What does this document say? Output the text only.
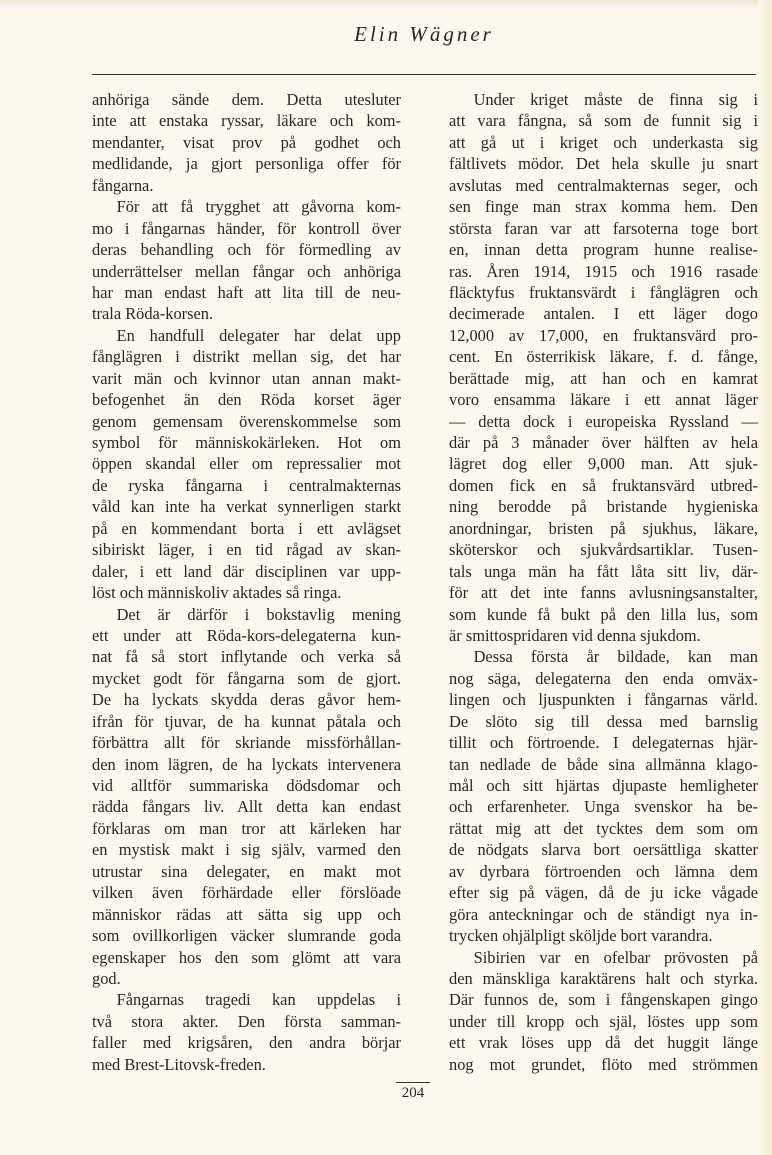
Elin Wägner
anhöriga sände dem. Detta utesluter
inte att enstaka ryssar, läkare och kom-
mendanter, visat prov på godhet och
medlidande, ja gjort personliga offer för
fångarna.
För att få trygghet att gåvorna kom-
mo i fångarnas händer, för kontroll över
deras behandling och för förmedling av
underrättelser mellan fångar och anhöriga
har man endast haft att lita till de neu-
trala Röda-korsen.
En handfull delegater har delat upp
fånglägren i distrikt mellan sig, det har
varit män och kvinnor utan annan makt-
befogenhet än den Röda korset äger
genom gemensam överenskommelse som
symbol för människokärleken. Hot om
öppen skandal eller om repressalier mot
de ryska fångarna i centralmakternas
våld kan inte ha verkat synnerligen starkt
på en kommendant borta i ett avlägset
sibiriskt läger, i en tid rågad av skan-
daler, i ett land där disciplinen var upp-
löst och människoliv aktades så ringa.
Det är därför i bokstavlig mening
ett under att Röda-kors-delegaterna kun-
nat få så stort inflytande och verka så
mycket godt för fångarna som de gjort.
De ha lyckats skydda deras gåvor hem-
ifrån för tjuvar, de ha kunnat påtala och
förbättra allt för skriande missförhållan-
den inom lägren, de ha lyckats intervenera
vid alltför summariska dödsdomar och
rädda fångars liv. Allt detta kan endast
förklaras om man tror att kärleken har
en mystisk makt i sig själv, varmed den
utrustar sina delegater, en makt mot
vilken även förhärdade eller förslöade
människor rädas att sätta sig upp och
som ovillkorligen väcker slumrande goda
egenskaper hos den som glömt att vara
god.
Fångarnas tragedi kan uppdelas i
två stora akter. Den första samman-
faller med krigsåren, den andra börjar
med Brest-Litovsk-freden.
Under kriget måste de finna sig i
att vara fångna, så som de funnit sig i
att gå ut i kriget och underkasta sig
fältlivets mödor. Det hela skulle ju snart
avslutas med centralmakternas seger, och
sen finge man strax komma hem. Den
största faran var att farsoterna toge bort
en, innan detta program hunne realise-
ras. Åren 1914, 1915 och 1916 rasade
fläcktyfus fruktansvärdt i fånglägren och
decimerade antalen. I ett läger dogo
12,000 av 17,000, en fruktansvärd pro-
cent. En österrikisk läkare, f. d. fånge,
berättade mig, att han och en kamrat
voro ensamma läkare i ett annat läger
— detta dock i europeiska Ryssland —
där på 3 månader över hälften av hela
lägret dog eller 9,000 man. Att sjuk-
domen fick en så fruktansvärd utbred-
ning berodde på bristande hygieniska
anordningar, bristen på sjukhus, läkare,
sköterskor och sjukvårdsartiklar. Tusen-
tals unga män ha fått låta sitt liv, där-
för att det inte fanns avlusningsanstalter,
som kunde få bukt på den lilla lus, som
är smittospridaren vid denna sjukdom.
Dessa första år bildade, kan man
nog säga, delegaterna den enda omväx-
lingen och ljuspunkten i fångarnas värld.
De slöto sig till dessa med barnslig
tillit och förtroende. I delegaternas hjär-
tan nedlade de både sina allmänna klago-
mål och sitt hjärtas djupaste hemligheter
och erfarenheter. Unga svenskor ha be-
rättat mig att det tycktes dem som om
de nödgats slarva bort oersättliga skatter
av dyrbara förtroenden och lämna dem
efter sig på vägen, då de ju icke vågade
göra anteckningar och de ständigt nya in-
trycken ohjälpligt sköljde bort varandra.
Sibirien var en ofelbar prövosten på
den mänskliga karaktärens halt och styrka.
Där funnos de, som i fångenskapen gingo
under till kropp och själ, löstes upp som
ett vrak löses upp då det huggit länge
nog mot grundet, flöto med strömmen
204
